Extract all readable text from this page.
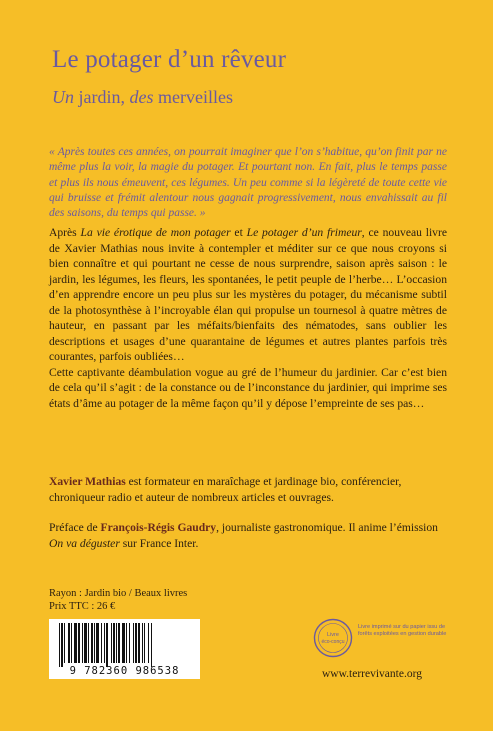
Le potager d’un rêveur
Un jardin, des merveilles
« Après toutes ces années, on pourrait imaginer que l’on s’habitue, qu’on finit par ne même plus la voir, la magie du potager. Et pourtant non. En fait, plus le temps passe et plus ils nous émeuvent, ces légumes. Un peu comme si la légèreté de toute cette vie qui bruisse et frémit alentour nous gagnait progressivement, nous envahissait au fil des saisons, du temps qui passe. »

Après La vie érotique de mon potager et Le potager d’un frimeur, ce nouveau livre de Xavier Mathias nous invite à contempler et méditer sur ce que nous croyons si bien connaître et qui pourtant ne cesse de nous surprendre, saison après saison : le jardin, les légumes, les fleurs, les spontanées, le petit peuple de l’herbe… L’occasion d’en apprendre encore un peu plus sur les mystères du potager, du mécanisme subtil de la photosynthèse à l’incroyable élan qui propulse un tournesol à quatre mètres de hauteur, en passant par les méfaits/bienfaits des nématodes, sans oublier les descriptions et usages d’une quarantaine de légumes et autres plantes parfois très courantes, parfois oubliées…

Cette captivante déambulation vogue au gré de l’humeur du jardinier. Car c’est bien de cela qu’il s’agit : de la constance ou de l’inconstance du jardinier, qui imprime ses états d’âme au potager de la même façon qu’il y dépose l’empreinte de ses pas…

Xavier Mathias est formateur en maraîchage et jardinage bio, conférencier, chroniqueur radio et auteur de nombreux articles et ouvrages.
Préface de François-Régis Gaudry, journaliste gastronomique. Il anime l’émission On va déguster sur France Inter.
Rayon : Jardin bio / Beaux livres
Prix TTC : 26 €
9 782360 986538
Livre
éco-conçu
Livre imprimé sur du papier issu de forêts exploitées en gestion durable
www.terrevivante.org
